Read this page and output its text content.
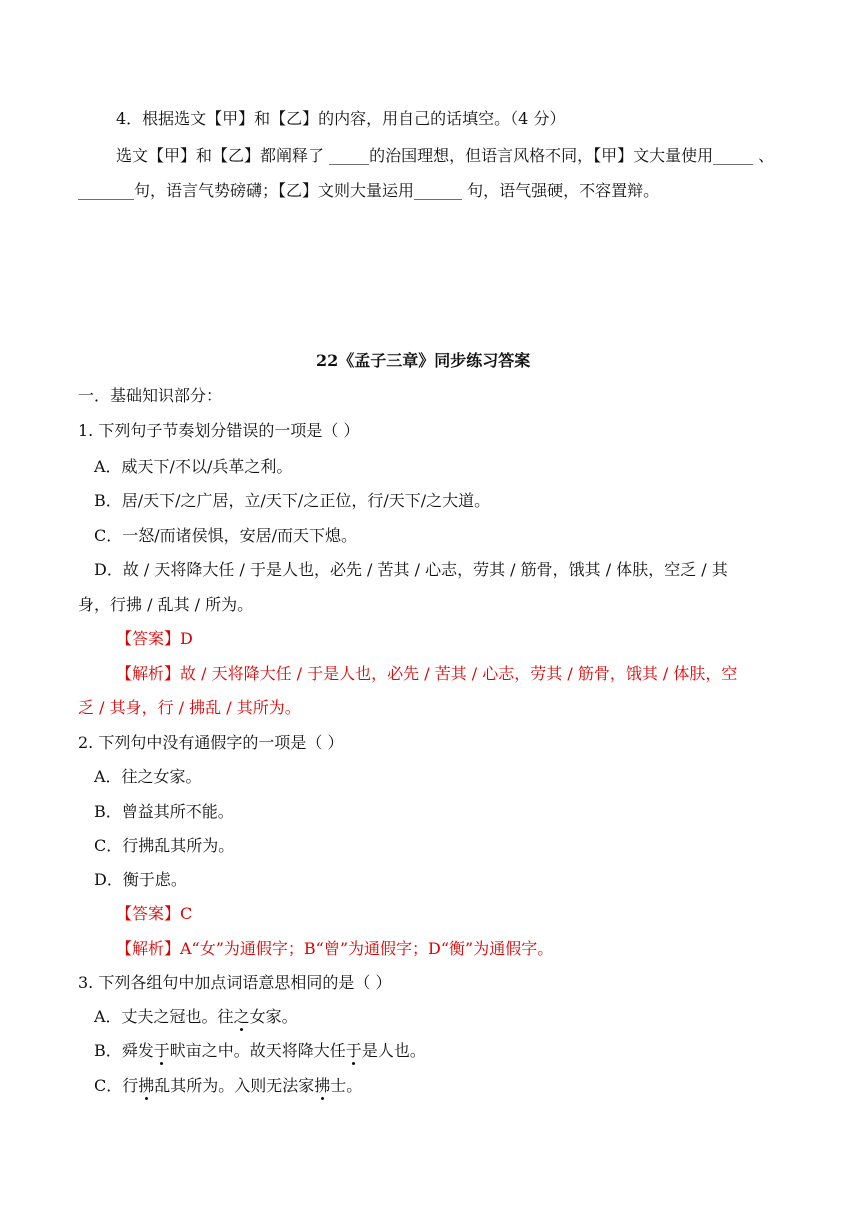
4．根据选文【甲】和【乙】的内容，用自己的话填空。（4 分）
选文【甲】和【乙】都阐释了 _____的治国理想，但语言风格不同，【甲】文大量使用_____ 、
_______句，语言气势磅礴；【乙】文则大量运用______ 句，语气强硬，不容置辩。
22《孟子三章》同步练习答案
一．基础知识部分：
1. 下列句子节奏划分错误的一项是（ ）
A．威天下/不以/兵革之利。
B．居/天下/之广居，立/天下/之正位，行/天下/之大道。
C．一怒/而诸侯惧，安居/而天下熄。
D．故 / 天将降大任 / 于是人也，必先 / 苦其 / 心志，劳其 / 筋骨，饿其 / 体肤，空乏 / 其
身，行拂 / 乱其 / 所为。
【答案】D
【解析】故 / 天将降大任 / 于是人也，必先 / 苦其 / 心志，劳其 / 筋骨，饿其 / 体肤，空
乏 / 其身，行 / 拂乱 / 其所为。
2. 下列句中没有通假字的一项是（ ）
A．往之女家。
B．曾益其所不能。
C．行拂乱其所为。
D．衡于虑。
【答案】C
【解析】A“女”为通假字；B“曾”为通假字；D“衡”为通假字。
3. 下列各组句中加点词语意思相同的是（ ）
A．丈夫之冠也。往之女家。
B．舜发于畎亩之中。故天将降大任于是人也。
C．行拂乱其所为。入则无法家拂士。
